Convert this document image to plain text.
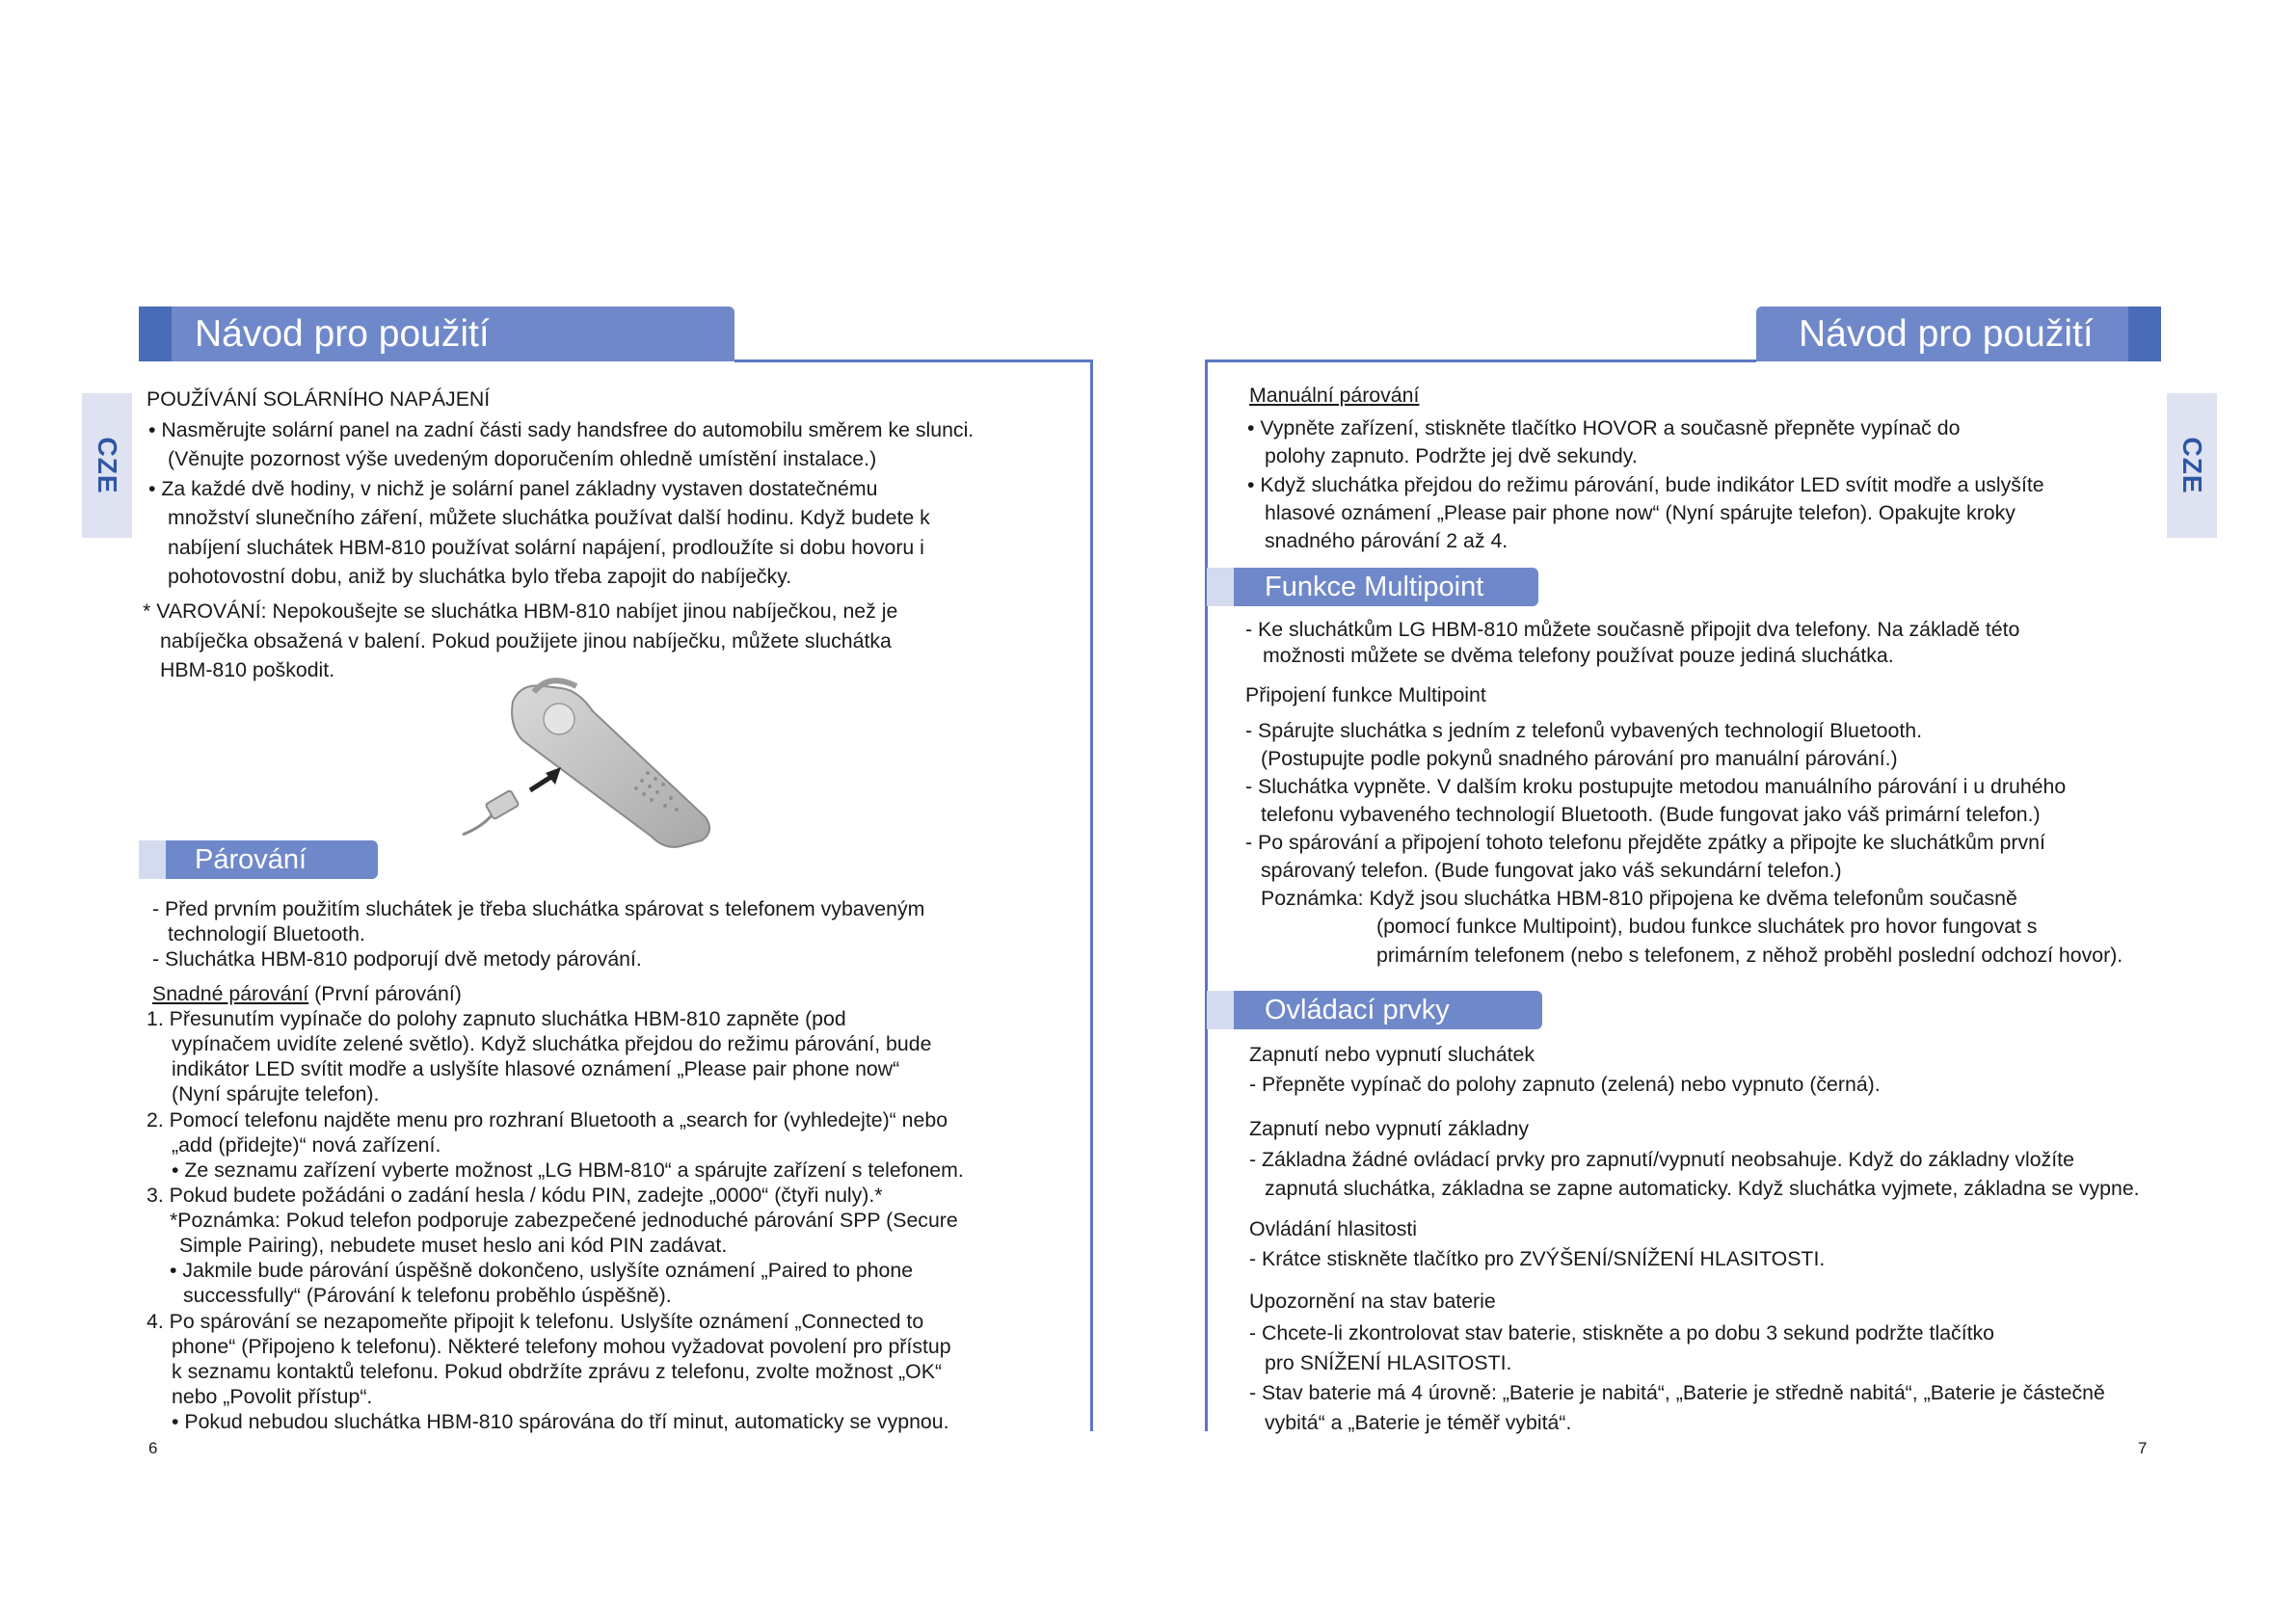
Návod pro použití
CZE
POUŽÍVÁNÍ SOLÁRNÍHO NAPÁJENÍ
• Nasměrujte solární panel na zadní části sady handsfree do automobilu směrem ke slunci.
(Věnujte pozornost výše uvedeným doporučením ohledně umístění instalace.)
• Za každé dvě hodiny, v nichž je solární panel základny vystaven dostatečnému
množství slunečního záření, můžete sluchátka používat další hodinu. Když budete k
nabíjení sluchátek HBM-810 používat solární napájení, prodloužíte si dobu hovoru i
pohotovostní dobu, aniž by sluchátka bylo třeba zapojit do nabíječky.
* VAROVÁNÍ: Nepokoušejte se sluchátka HBM-810 nabíjet jinou nabíječkou, než je
nabíječka obsažená v balení. Pokud použijete jinou nabíječku, můžete sluchátka
HBM-810 poškodit.
Párování
- Před prvním použitím sluchátek je třeba sluchátka spárovat s telefonem vybaveným
technologií Bluetooth.
- Sluchátka HBM-810 podporují dvě metody párování.
Snadné párování (První párování)
1. Přesunutím vypínače do polohy zapnuto sluchátka HBM-810 zapněte (pod
vypínačem uvidíte zelené světlo). Když sluchátka přejdou do režimu párování, bude
indikátor LED svítit modře a uslyšíte hlasové oznámení „Please pair phone now“
(Nyní spárujte telefon).
2. Pomocí telefonu najděte menu pro rozhraní Bluetooth a „search for (vyhledejte)“ nebo
„add (přidejte)“ nová zařízení.
• Ze seznamu zařízení vyberte možnost „LG HBM-810“ a spárujte zařízení s telefonem.
3. Pokud budete požádáni o zadání hesla / kódu PIN, zadejte „0000“ (čtyři nuly).*
*Poznámka: Pokud telefon podporuje zabezpečené jednoduché párování SPP (Secure
Simple Pairing), nebudete muset heslo ani kód PIN zadávat.
• Jakmile bude párování úspěšně dokončeno, uslyšíte oznámení „Paired to phone
successfully“ (Párování k telefonu proběhlo úspěšně).
4. Po spárování se nezapomeňte připojit k telefonu. Uslyšíte oznámení „Connected to
phone“ (Připojeno k telefonu). Některé telefony mohou vyžadovat povolení pro přístup
k seznamu kontaktů telefonu. Pokud obdržíte zprávu z telefonu, zvolte možnost „OK“
nebo „Povolit přístup“.
• Pokud nebudou sluchátka HBM-810 spárována do tří minut, automaticky se vypnou.
6
Návod pro použití
CZE
Manuální párování
• Vypněte zařízení, stiskněte tlačítko HOVOR a současně přepněte vypínač do
polohy zapnuto. Podržte jej dvě sekundy.
• Když sluchátka přejdou do režimu párování, bude indikátor LED svítit modře a uslyšíte
hlasové oznámení „Please pair phone now“ (Nyní spárujte telefon). Opakujte kroky
snadného párování 2 až 4.
Funkce Multipoint
- Ke sluchátkům LG HBM-810 můžete současně připojit dva telefony. Na základě této
možnosti můžete se dvěma telefony používat pouze jediná sluchátka.
Připojení funkce Multipoint
- Spárujte sluchátka s jedním z telefonů vybavených technologií Bluetooth.
(Postupujte podle pokynů snadného párování pro manuální párování.)
- Sluchátka vypněte. V dalším kroku postupujte metodou manuálního párování i u druhého
telefonu vybaveného technologií Bluetooth. (Bude fungovat jako váš primární telefon.)
- Po spárování a připojení tohoto telefonu přejděte zpátky a připojte ke sluchátkům první
spárovaný telefon. (Bude fungovat jako váš sekundární telefon.)
Poznámka: Když jsou sluchátka HBM-810 připojena ke dvěma telefonům současně
(pomocí funkce Multipoint), budou funkce sluchátek pro hovor fungovat s
primárním telefonem (nebo s telefonem, z něhož proběhl poslední odchozí hovor).
Ovládací prvky
Zapnutí nebo vypnutí sluchátek
- Přepněte vypínač do polohy zapnuto (zelená) nebo vypnuto (černá).
Zapnutí nebo vypnutí základny
- Základna žádné ovládací prvky pro zapnutí/vypnutí neobsahuje. Když do základny vložíte
zapnutá sluchátka, základna se zapne automaticky. Když sluchátka vyjmete, základna se vypne.
Ovládání hlasitosti
- Krátce stiskněte tlačítko pro ZVÝŠENÍ/SNÍŽENÍ HLASITOSTI.
Upozornění na stav baterie
- Chcete-li zkontrolovat stav baterie, stiskněte a po dobu 3 sekund podržte tlačítko
pro SNÍŽENÍ HLASITOSTI.
- Stav baterie má 4 úrovně: „Baterie je nabitá“, „Baterie je středně nabitá“, „Baterie je částečně
vybitá“ a „Baterie je téměř vybitá“.
7
